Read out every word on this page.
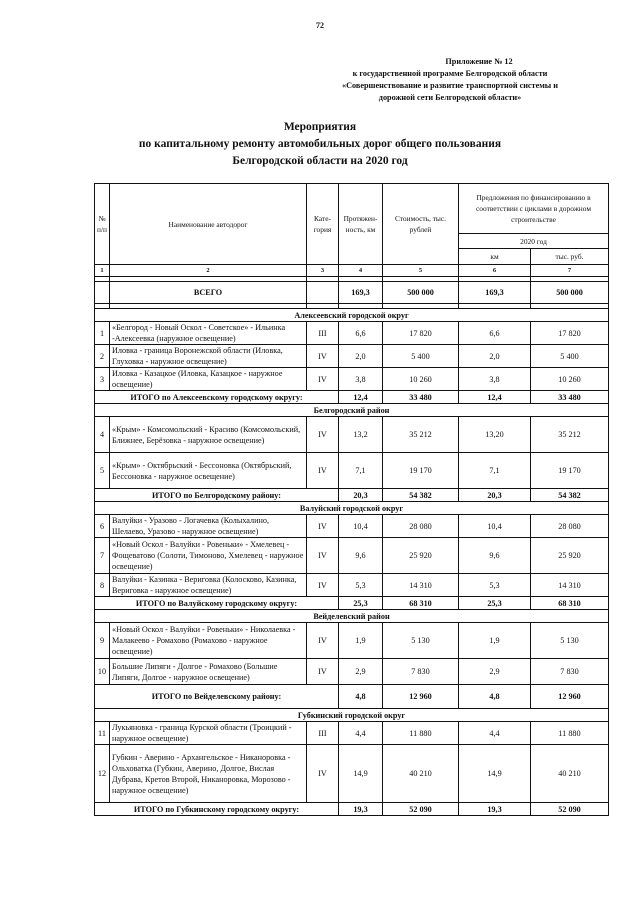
72
Приложение № 12
к государственной программе Белгородской области
«Совершенствование и развитие транспортной системы и
дорожной сети Белгородской области»
Мероприятия
по капитальному ремонту автомобильных дорог общего пользования
Белгородской области на 2020 год
№ п/п	Наименование автодорог	Кате-гория	Протяжен-ность, км	Стоимость, тыс. рублей	Предложения по финансированию в соответствии с циклами в дорожном строительстве	
					2020 год	
					км	тыс. руб.
1	2	3	4	5	6	7

	ВСЕГО		169,3	500 000	169,3	500 000

Алексеевский городской округ						
1	«Белгород - Новый Оскол - Советское» - Ильинка -Алексеевка (наружное освещение)	III	6,6	17 820	6,6	17 820
2	Иловка - граница Воронежской области (Иловка, Глуховка - наружное освещение)	IV	2,0	5 400	2,0	5 400
3	Иловка - Казацкое (Иловка, Казацкое - наружное освещение)	IV	3,8	10 260	3,8	10 260
ИТОГО по Алексеевскому городскому округу:			12,4	33 480	12,4	33 480
Белгородский район						
4	«Крым» - Комсомольский - Красиво (Комсомольский, Ближнее, Берёзовка - наружное освещение)	IV	13,2	35 212	13,20	35 212
5	«Крым» - Октябрьский - Бессоновка (Октябрьский, Бессоновка - наружное освещение)	IV	7,1	19 170	7,1	19 170
ИТОГО по Белгородскому району:			20,3	54 382	20,3	54 382
Валуйский городской округ						
6	Валуйки - Уразово - Логачевка (Колыхалино, Шелаево, Уразово - наружное освещение)	IV	10,4	28 080	10,4	28 080
7	«Новый Оскол - Валуйки - Ровеньки» - Хмелевец - Фощеватово (Солоти, Тимоново, Хмелевец - наружное освещение)	IV	9,6	25 920	9,6	25 920
8	Валуйки - Казинка - Вериговка (Колосково, Казинка, Вериговка - наружное освещение)	IV	5,3	14 310	5,3	14 310
ИТОГО по Валуйскому городскому округу:			25,3	68 310	25,3	68 310
Вейделевский район						
9	«Новый Оскол - Валуйки - Ровеньки» - Николаевка - Малакеево - Ромахово (Ромахово - наружное освещение)	IV	1,9	5 130	1,9	5 130
10	Большие Липяги - Долгое - Ромахово (Большие Липяги, Долгое - наружное освещение)	IV	2,9	7 830	2,9	7 830
ИТОГО по Вейделевскому району:			4,8	12 960	4,8	12 960
Губкинский городской округ						
11	Лукьяновка - граница Курской области (Троицкий - наружное освещение)	III	4,4	11 880	4,4	11 880
12	Губкин - Аверино - Архангельское - Никаноровка - Ольховатка (Губкин, Аверино, Долгое, Вислая Дубрава, Кретов Второй, Никаноровка, Морозово - наружное освещение)	IV	14,9	40 210	14,9	40 210
ИТОГО по Губкинскому городскому округу:			19,3	52 090	19,3	52 090
